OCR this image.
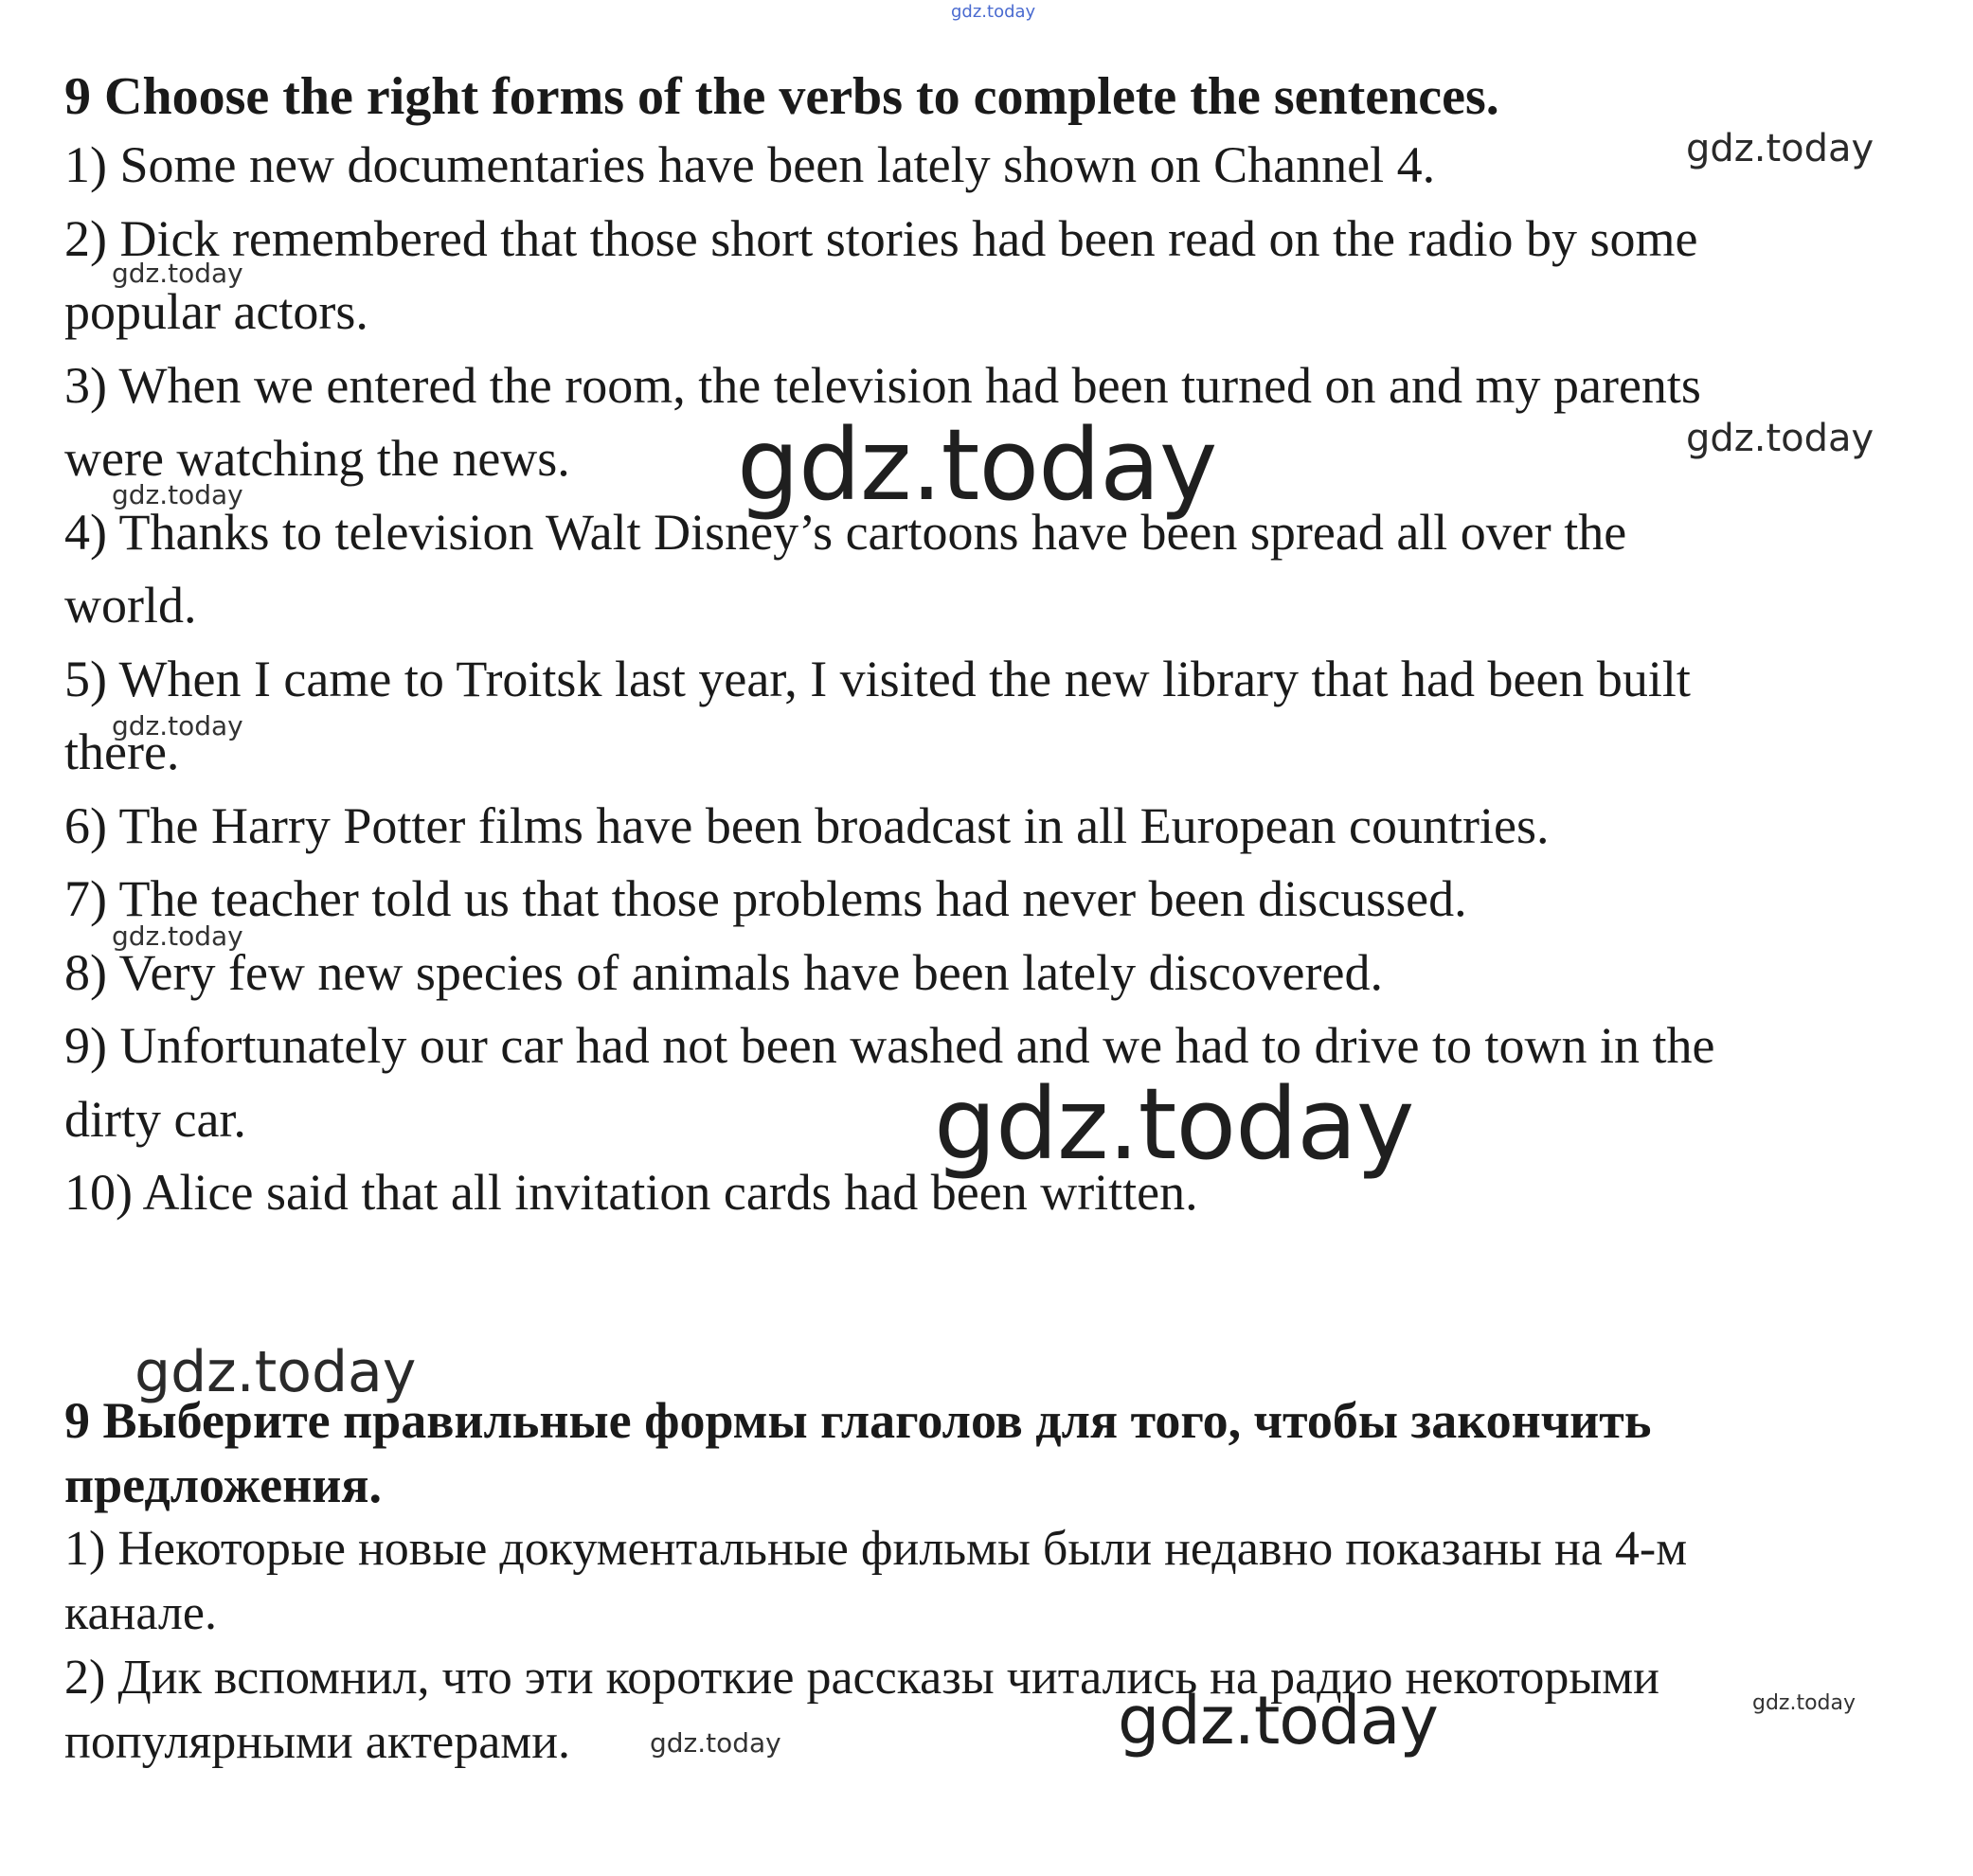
9 Choose the right forms of the verbs to complete the sentences.

1) Some new documentaries have been lately shown on Channel 4.

2) Dick remembered that those short stories had been read on the radio by some

popular actors.

3) When we entered the room, the television had been turned on and my parents

were watching the news.

4) Thanks to television Walt Disney’s cartoons have been spread all over the

world.

5) When I came to Troitsk last year, I visited the new library that had been built

there.

6) The Harry Potter films have been broadcast in all European countries.

7) The teacher told us that those problems had never been discussed.

8) Very few new species of animals have been lately discovered.

9) Unfortunately our car had not been washed and we had to drive to town in the

dirty car.

10) Alice said that all invitation cards had been written.

9 Выберите правильные формы глаголов для того, чтобы закончить

предложения.

1) Некоторые новые документальные фильмы были недавно показаны на 4-м

канале.

2) Дик вспомнил, что эти короткие рассказы читались на радио некоторыми

популярными актерами.

gdz.today
gdz.today
gdz.today
gdz.today
gdz.today
gdz.today
gdz.today
gdz.today
gdz.today
gdz.today
gdz.today	gdz.today
gdz.today
